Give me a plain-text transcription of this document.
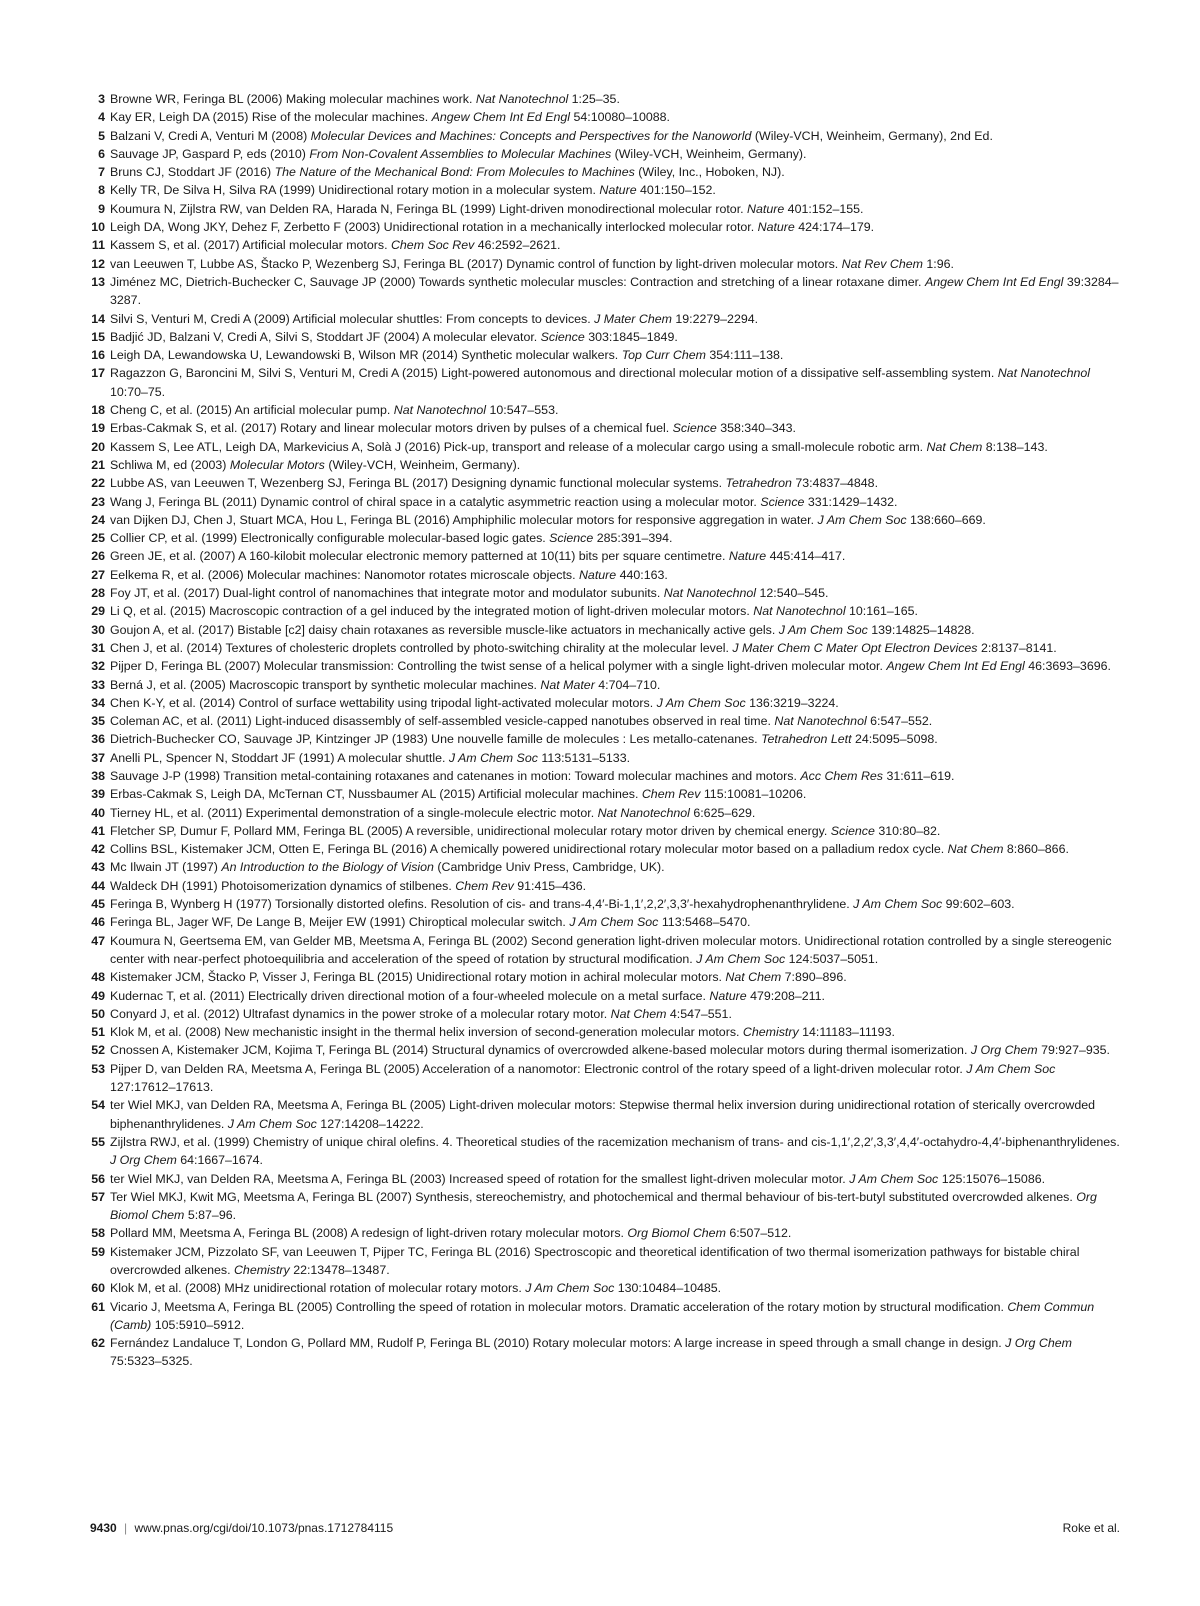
3 Browne WR, Feringa BL (2006) Making molecular machines work. Nat Nanotechnol 1:25–35.
4 Kay ER, Leigh DA (2015) Rise of the molecular machines. Angew Chem Int Ed Engl 54:10080–10088.
5 Balzani V, Credi A, Venturi M (2008) Molecular Devices and Machines: Concepts and Perspectives for the Nanoworld (Wiley-VCH, Weinheim, Germany), 2nd Ed.
6 Sauvage JP, Gaspard P, eds (2010) From Non-Covalent Assemblies to Molecular Machines (Wiley-VCH, Weinheim, Germany).
7 Bruns CJ, Stoddart JF (2016) The Nature of the Mechanical Bond: From Molecules to Machines (Wiley, Inc., Hoboken, NJ).
8 Kelly TR, De Silva H, Silva RA (1999) Unidirectional rotary motion in a molecular system. Nature 401:150–152.
9 Koumura N, Zijlstra RW, van Delden RA, Harada N, Feringa BL (1999) Light-driven monodirectional molecular rotor. Nature 401:152–155.
10 Leigh DA, Wong JKY, Dehez F, Zerbetto F (2003) Unidirectional rotation in a mechanically interlocked molecular rotor. Nature 424:174–179.
11 Kassem S, et al. (2017) Artificial molecular motors. Chem Soc Rev 46:2592–2621.
12 van Leeuwen T, Lubbe AS, Štacko P, Wezenberg SJ, Feringa BL (2017) Dynamic control of function by light-driven molecular motors. Nat Rev Chem 1:96.
13 Jiménez MC, Dietrich-Buchecker C, Sauvage JP (2000) Towards synthetic molecular muscles: Contraction and stretching of a linear rotaxane dimer. Angew Chem Int Ed Engl 39:3284–3287.
14 Silvi S, Venturi M, Credi A (2009) Artificial molecular shuttles: From concepts to devices. J Mater Chem 19:2279–2294.
15 Badjić JD, Balzani V, Credi A, Silvi S, Stoddart JF (2004) A molecular elevator. Science 303:1845–1849.
16 Leigh DA, Lewandowska U, Lewandowski B, Wilson MR (2014) Synthetic molecular walkers. Top Curr Chem 354:111–138.
17 Ragazzon G, Baroncini M, Silvi S, Venturi M, Credi A (2015) Light-powered autonomous and directional molecular motion of a dissipative self-assembling system. Nat Nanotechnol 10:70–75.
18 Cheng C, et al. (2015) An artificial molecular pump. Nat Nanotechnol 10:547–553.
19 Erbas-Cakmak S, et al. (2017) Rotary and linear molecular motors driven by pulses of a chemical fuel. Science 358:340–343.
20 Kassem S, Lee ATL, Leigh DA, Markevicius A, Solà J (2016) Pick-up, transport and release of a molecular cargo using a small-molecule robotic arm. Nat Chem 8:138–143.
21 Schliwa M, ed (2003) Molecular Motors (Wiley-VCH, Weinheim, Germany).
22 Lubbe AS, van Leeuwen T, Wezenberg SJ, Feringa BL (2017) Designing dynamic functional molecular systems. Tetrahedron 73:4837–4848.
23 Wang J, Feringa BL (2011) Dynamic control of chiral space in a catalytic asymmetric reaction using a molecular motor. Science 331:1429–1432.
24 van Dijken DJ, Chen J, Stuart MCA, Hou L, Feringa BL (2016) Amphiphilic molecular motors for responsive aggregation in water. J Am Chem Soc 138:660–669.
25 Collier CP, et al. (1999) Electronically configurable molecular-based logic gates. Science 285:391–394.
26 Green JE, et al. (2007) A 160-kilobit molecular electronic memory patterned at 10(11) bits per square centimetre. Nature 445:414–417.
27 Eelkema R, et al. (2006) Molecular machines: Nanomotor rotates microscale objects. Nature 440:163.
28 Foy JT, et al. (2017) Dual-light control of nanomachines that integrate motor and modulator subunits. Nat Nanotechnol 12:540–545.
29 Li Q, et al. (2015) Macroscopic contraction of a gel induced by the integrated motion of light-driven molecular motors. Nat Nanotechnol 10:161–165.
30 Goujon A, et al. (2017) Bistable [c2] daisy chain rotaxanes as reversible muscle-like actuators in mechanically active gels. J Am Chem Soc 139:14825–14828.
31 Chen J, et al. (2014) Textures of cholesteric droplets controlled by photo-switching chirality at the molecular level. J Mater Chem C Mater Opt Electron Devices 2:8137–8141.
32 Pijper D, Feringa BL (2007) Molecular transmission: Controlling the twist sense of a helical polymer with a single light-driven molecular motor. Angew Chem Int Ed Engl 46:3693–3696.
33 Berná J, et al. (2005) Macroscopic transport by synthetic molecular machines. Nat Mater 4:704–710.
34 Chen K-Y, et al. (2014) Control of surface wettability using tripodal light-activated molecular motors. J Am Chem Soc 136:3219–3224.
35 Coleman AC, et al. (2011) Light-induced disassembly of self-assembled vesicle-capped nanotubes observed in real time. Nat Nanotechnol 6:547–552.
36 Dietrich-Buchecker CO, Sauvage JP, Kintzinger JP (1983) Une nouvelle famille de molecules : Les metallo-catenanes. Tetrahedron Lett 24:5095–5098.
37 Anelli PL, Spencer N, Stoddart JF (1991) A molecular shuttle. J Am Chem Soc 113:5131–5133.
38 Sauvage J-P (1998) Transition metal-containing rotaxanes and catenanes in motion: Toward molecular machines and motors. Acc Chem Res 31:611–619.
39 Erbas-Cakmak S, Leigh DA, McTernan CT, Nussbaumer AL (2015) Artificial molecular machines. Chem Rev 115:10081–10206.
40 Tierney HL, et al. (2011) Experimental demonstration of a single-molecule electric motor. Nat Nanotechnol 6:625–629.
41 Fletcher SP, Dumur F, Pollard MM, Feringa BL (2005) A reversible, unidirectional molecular rotary motor driven by chemical energy. Science 310:80–82.
42 Collins BSL, Kistemaker JCM, Otten E, Feringa BL (2016) A chemically powered unidirectional rotary molecular motor based on a palladium redox cycle. Nat Chem 8:860–866.
43 Mc Ilwain JT (1997) An Introduction to the Biology of Vision (Cambridge Univ Press, Cambridge, UK).
44 Waldeck DH (1991) Photoisomerization dynamics of stilbenes. Chem Rev 91:415–436.
45 Feringa B, Wynberg H (1977) Torsionally distorted olefins. Resolution of cis- and trans-4,4′-Bi-1,1′,2,2′,3,3′-hexahydrophenanthrylidene. J Am Chem Soc 99:602–603.
46 Feringa BL, Jager WF, De Lange B, Meijer EW (1991) Chiroptical molecular switch. J Am Chem Soc 113:5468–5470.
47 Koumura N, Geertsema EM, van Gelder MB, Meetsma A, Feringa BL (2002) Second generation light-driven molecular motors. Unidirectional rotation controlled by a single stereogenic center with near-perfect photoequilibria and acceleration of the speed of rotation by structural modification. J Am Chem Soc 124:5037–5051.
48 Kistemaker JCM, Štacko P, Visser J, Feringa BL (2015) Unidirectional rotary motion in achiral molecular motors. Nat Chem 7:890–896.
49 Kudernac T, et al. (2011) Electrically driven directional motion of a four-wheeled molecule on a metal surface. Nature 479:208–211.
50 Conyard J, et al. (2012) Ultrafast dynamics in the power stroke of a molecular rotary motor. Nat Chem 4:547–551.
51 Klok M, et al. (2008) New mechanistic insight in the thermal helix inversion of second-generation molecular motors. Chemistry 14:11183–11193.
52 Cnossen A, Kistemaker JCM, Kojima T, Feringa BL (2014) Structural dynamics of overcrowded alkene-based molecular motors during thermal isomerization. J Org Chem 79:927–935.
53 Pijper D, van Delden RA, Meetsma A, Feringa BL (2005) Acceleration of a nanomotor: Electronic control of the rotary speed of a light-driven molecular rotor. J Am Chem Soc 127:17612–17613.
54 ter Wiel MKJ, van Delden RA, Meetsma A, Feringa BL (2005) Light-driven molecular motors: Stepwise thermal helix inversion during unidirectional rotation of sterically overcrowded biphenanthrylidenes. J Am Chem Soc 127:14208–14222.
55 Zijlstra RWJ, et al. (1999) Chemistry of unique chiral olefins. 4. Theoretical studies of the racemization mechanism of trans- and cis-1,1′,2,2′,3,3′,4,4′-octahydro-4,4′-biphenanthrylidenes. J Org Chem 64:1667–1674.
56 ter Wiel MKJ, van Delden RA, Meetsma A, Feringa BL (2003) Increased speed of rotation for the smallest light-driven molecular motor. J Am Chem Soc 125:15076–15086.
57 Ter Wiel MKJ, Kwit MG, Meetsma A, Feringa BL (2007) Synthesis, stereochemistry, and photochemical and thermal behaviour of bis-tert-butyl substituted overcrowded alkenes. Org Biomol Chem 5:87–96.
58 Pollard MM, Meetsma A, Feringa BL (2008) A redesign of light-driven rotary molecular motors. Org Biomol Chem 6:507–512.
59 Kistemaker JCM, Pizzolato SF, van Leeuwen T, Pijper TC, Feringa BL (2016) Spectroscopic and theoretical identification of two thermal isomerization pathways for bistable chiral overcrowded alkenes. Chemistry 22:13478–13487.
60 Klok M, et al. (2008) MHz unidirectional rotation of molecular rotary motors. J Am Chem Soc 130:10484–10485.
61 Vicario J, Meetsma A, Feringa BL (2005) Controlling the speed of rotation in molecular motors. Dramatic acceleration of the rotary motion by structural modification. Chem Commun (Camb) 105:5910–5912.
62 Fernández Landaluce T, London G, Pollard MM, Rudolf P, Feringa BL (2010) Rotary molecular motors: A large increase in speed through a small change in design. J Org Chem 75:5323–5325.
9430 | www.pnas.org/cgi/doi/10.1073/pnas.1712784115	Roke et al.
